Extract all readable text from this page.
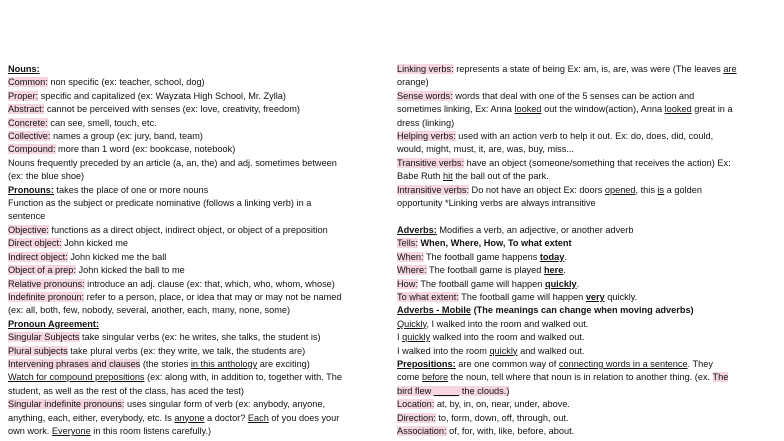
Nouns:
Common: non specific (ex: teacher, school, dog)
Proper: specific and capitalized (ex: Wayzata High School, Mr. Zylla)
Abstract: cannot be perceived with senses (ex: love, creativity, freedom)
Concrete: can see, smell, touch, etc.
Collective: names a group (ex: jury, band, team)
Compound: more than 1 word (ex: bookcase, notebook)
Nouns frequently preceded by an article (a, an, the) and adj. sometimes between
(ex: the blue shoe)
Pronouns: takes the place of one or more nouns
Function as the subject or predicate nominative (follows a linking verb) in a
sentence
Objective: functions as a direct object, indirect object, or object of a preposition
Direct object: John kicked me
Indirect object: John kicked me the ball
Object of a prep: John kicked the ball to me
Relative pronouns: introduce an adj. clause (ex: that, which, who, whom, whose)
Indefinite pronoun: refer to a person, place, or idea that may or may not be named
(ex: all, both, few, nobody, several, another, each, many, none, some)
Pronoun Agreement:
Singular Subjects take singular verbs (ex: he writes, she talks, the student is)
Plural subjects take plural verbs (ex: they write, we talk, the students are)
Intervening phrases and clauses (the stories in this anthology are exciting)
Watch for compound prepositions (ex: along with, in addition to, together with. The
student, as well as the rest of the class, has aced the test)
Singular indefinite pronouns: uses singular form of verb (ex: anybody, anyone,
anything, each, either, everybody, etc. Is anyone a doctor? Each of you does your
own work. Everyone in this room listens carefully.)
Linking verbs: represents a state of being Ex: am, is, are, was were (The leaves are
orange)
Sense words: words that deal with one of the 5 senses can be action and
sometimes linking, Ex: Anna looked out the window(action), Anna looked great in a
dress (linking)
Helping verbs: used with an action verb to help it out. Ex: do, does, did, could,
would, might, must, it, are, was, buy, miss...
Transitive verbs: have an object (someone/something that receives the action) Ex:
Babe Ruth hit the ball out of the park.
Intransitive verbs: Do not have an object Ex: doors opened, this is a golden
opportunity *Linking verbs are always intransitive

Adverbs: Modifies a verb, an adjective, or another adverb
Tells: When, Where, How, To what extent
When: The football game happens today.
Where: The football game is played here.
How: The football game will happen quickly.
To what extent: The football game will happen very quickly.
Adverbs - Mobile (The meanings can change when moving adverbs)
Quickly, I walked into the room and walked out.
I quickly walked into the room and walked out.
I walked into the room quickly and walked out.
Prepositions: are one common way of connecting words in a sentence. They
come before the noun, tell where that noun is in relation to another thing. (ex. The
bird flew _____ the clouds.)
Location: at, by, in, on, near, under, above.
Direction: to, form, down, off, through, out.
Association: of, for, with, like, before, about.
